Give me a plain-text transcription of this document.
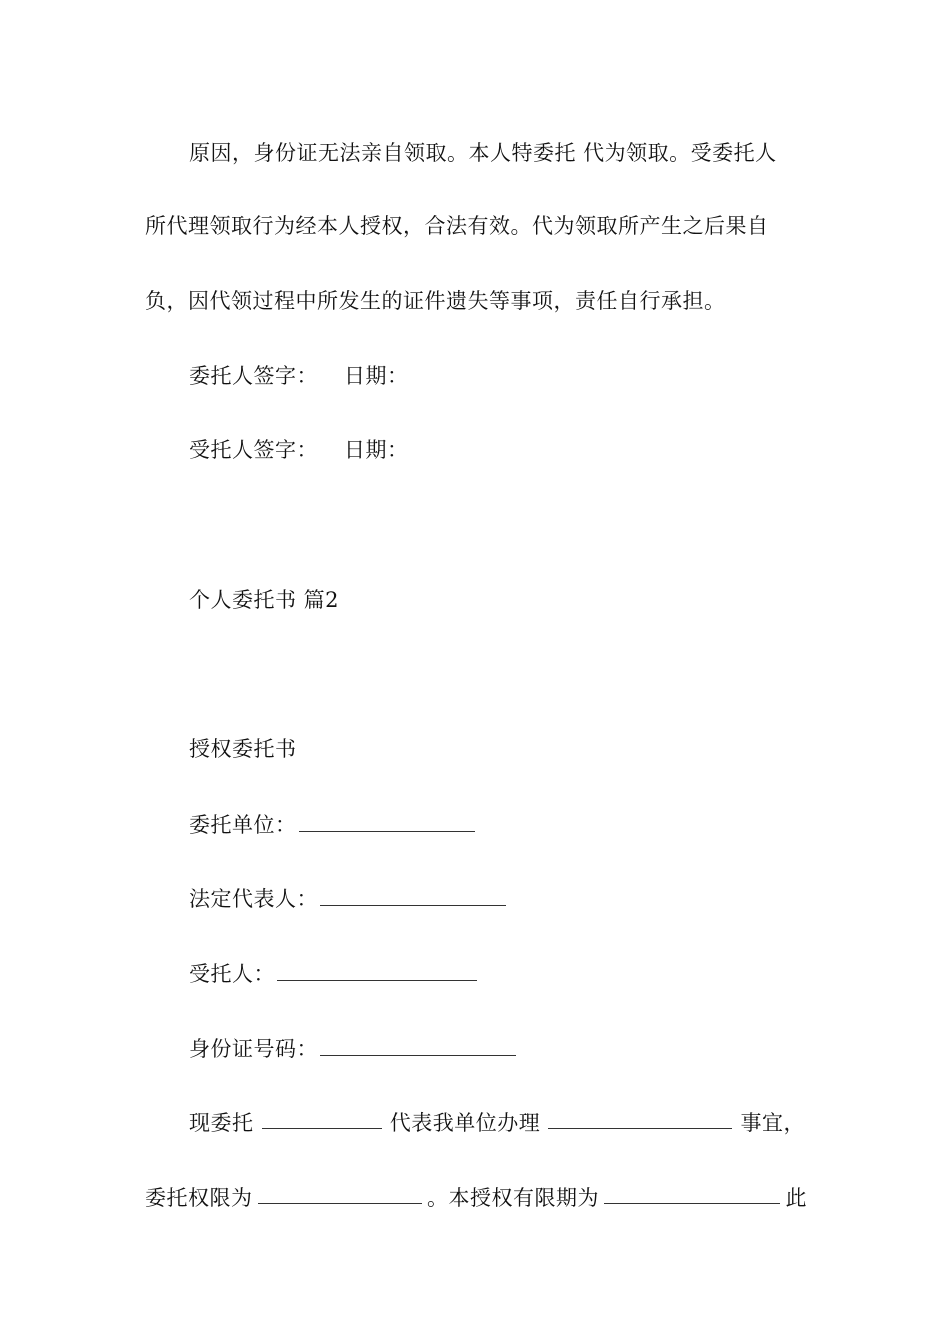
原因，身份证无法亲自领取。本人特委托 代为领取。受委托人
所代理领取行为经本人授权，合法有效。代为领取所产生之后果自
负，因代领过程中所发生的证件遗失等事项，责任自行承担。
委托人签字： 日期：
受托人签字： 日期：
个人委托书 篇2
授权委托书
委托单位：
法定代表人：
受托人：
身份证号码：
现委托	代表我单位办理	事宜，
委托权限为	。本授权有限期为	此
